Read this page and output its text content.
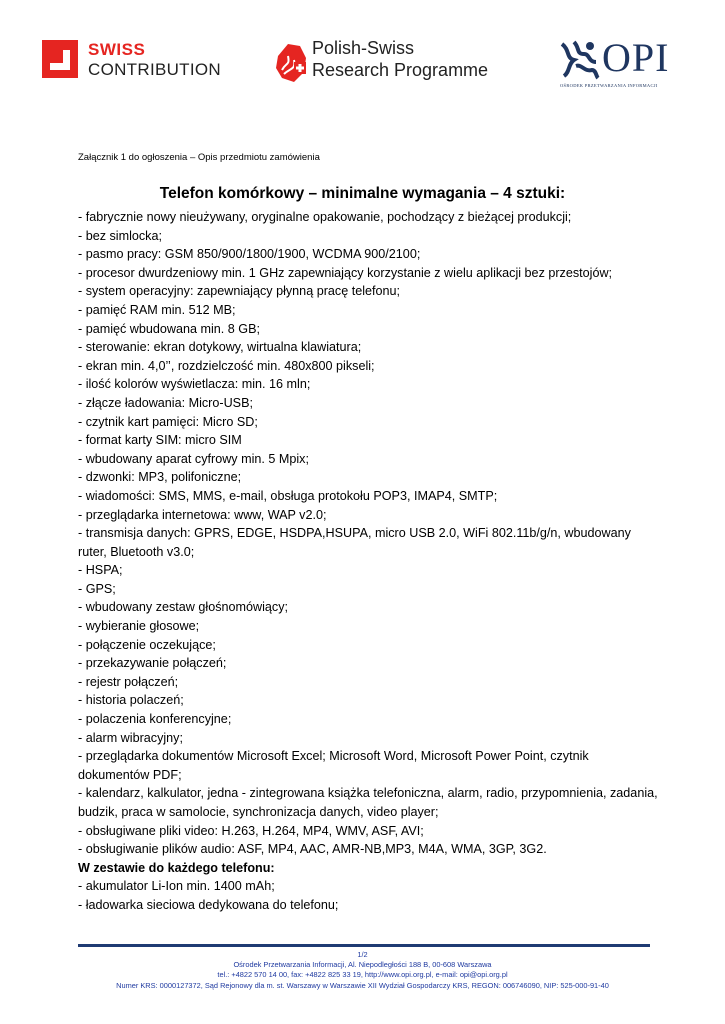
SWISS
CONTRIBUTION
Polish-Swiss
Research Programme	OPI
OŚRODEK PRZETWARZANIA INFORMACJI
Załącznik 1 do ogłoszenia – Opis przedmiotu zamówienia
Telefon komórkowy – minimalne wymagania – 4 sztuki:
- fabrycznie nowy nieużywany, oryginalne opakowanie, pochodzący z bieżącej produkcji;
- bez simlocka;
- pasmo pracy: GSM 850/900/1800/1900, WCDMA 900/2100;
- procesor dwurdzeniowy min. 1 GHz zapewniający korzystanie z wielu aplikacji bez przestojów;
- system operacyjny: zapewniający płynną pracę telefonu;
- pamięć RAM min. 512 MB;
- pamięć wbudowana min. 8 GB;
- sterowanie: ekran dotykowy, wirtualna klawiatura;
- ekran min. 4,0’’, rozdzielczość min. 480x800 pikseli;
- ilość kolorów wyświetlacza: min. 16 mln;
- złącze ładowania: Micro-USB;
- czytnik kart pamięci: Micro SD;
- format karty SIM: micro SIM
- wbudowany aparat cyfrowy min. 5 Mpix;
- dzwonki: MP3, polifoniczne;
- wiadomości: SMS, MMS, e-mail, obsługa protokołu POP3, IMAP4, SMTP;
- przeglądarka internetowa: www, WAP v2.0;
- transmisja danych: GPRS, EDGE, HSDPA,HSUPA, micro USB 2.0, WiFi 802.11b/g/n, wbudowany ruter, Bluetooth v3.0;
- HSPA;
- GPS;
- wbudowany zestaw głośnomówiący;
- wybieranie głosowe;
- połączenie oczekujące;
- przekazywanie połączeń;
- rejestr połączeń;
- historia polaczeń;
- polaczenia konferencyjne;
- alarm wibracyjny;
- przeglądarka dokumentów Microsoft Excel; Microsoft Word, Microsoft Power Point, czytnik dokumentów PDF;
- kalendarz, kalkulator, jedna - zintegrowana książka telefoniczna, alarm, radio, przypomnienia, zadania, budzik, praca w samolocie, synchronizacja danych, video player;
- obsługiwane pliki video: H.263, H.264, MP4, WMV, ASF, AVI;
- obsługiwanie plików audio: ASF, MP4, AAC, AMR-NB,MP3, M4A, WMA, 3GP, 3G2.
W zestawie do każdego telefonu:
- akumulator Li-Ion min. 1400 mAh;
- ładowarka sieciowa dedykowana do telefonu;
1/2
Ośrodek Przetwarzania Informacji, Al. Niepodległości 188 B, 00-608 Warszawa
tel.: +4822 570 14 00, fax: +4822 825 33 19, http://www.opi.org.pl, e-mail: opi@opi.org.pl
Numer KRS: 0000127372, Sąd Rejonowy dla m. st. Warszawy w Warszawie XII Wydział Gospodarczy KRS, REGON: 006746090, NIP: 525-000-91-40
